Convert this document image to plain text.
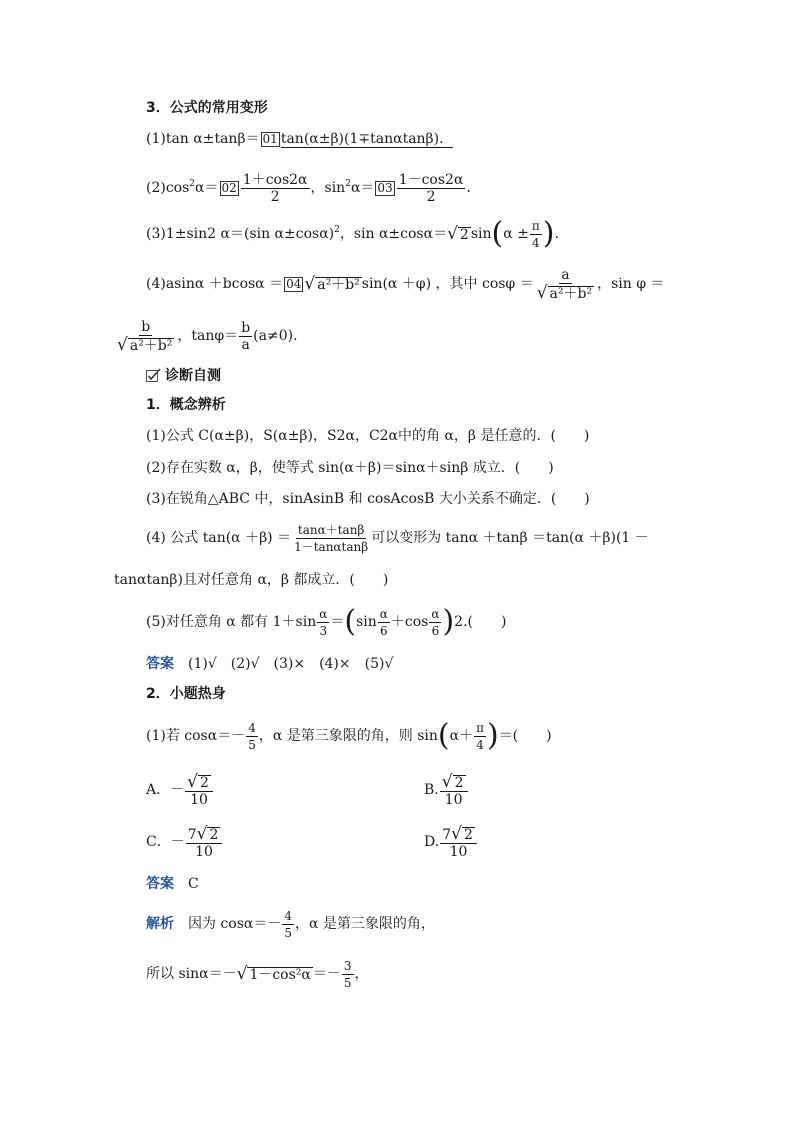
3．公式的常用变形
(1)tan α±tanβ＝ 01 tan(α±β)(1∓tanαtanβ)．
$(2)\cos^2\alpha= 02 \frac{1+\cos 2\alpha}{2}$ ，$\sin^2\alpha= 03 \frac{1-\cos 2\alpha}{2}$ .
(3)1±sin2 α＝(sin α±cosα)$^2$，sin α±cosα＝ √ 2 $\sin(\alpha \pm \frac{\pi}{4}$ ).
(4)asinα ＋bcosα ＝ 04 √ a²＋b² sin(α ＋φ) ，其中 $\cos\varphi = \frac{a}{\text{√ a²＋b²}}$ ，sin φ ＝
$\frac{b}{\text{√ a²＋b²}}$ ，$\tan\varphi= \frac{b}{a} (a\ne 0)$．
诊断自测
1．概念辨析
(1)公式 C(α±β)，S(α±β)，S2α，C2α中的角 α，β 是任意的．(　　)
(2)存在实数 α，β，使等式 sin(α＋β)＝sinα＋sinβ 成立．(　　)
(3)在锐角△ABC 中，sinAsinB 和 cosAcosB 大小关系不确定．(　　)
(4) 公式 $\tan(\alpha +\beta) = \frac{\tan\alpha+\tan\beta}{1-\tan\alpha\tan\beta}$ 可以变形为 tanα ＋tanβ ＝tan(α ＋β)(1 －
tanαtanβ)且对任意角 α，β 都成立．(　　)
(5)对任意角 α 都有 $1+\sin \frac{\alpha}{3} =(\sin \frac{\alpha}{6} +\cos \frac{\alpha}{6} )2$.(　　)
答案　 (1)√　(2)√　(3)×　(4)×　(5)√
2．小题热身
(1)若 $\cos\alpha=- \frac{4}{5}$ ，α 是第三象限的角，则 $\sin(\alpha+ \frac{\pi}{4}$ )＝(　　)
A．－ $\frac{√ 2}{10}$	B. $\frac{√ 2}{10}$
C．－ $\frac{7 √ 2}{10}$	D. $\frac{7 √ 2}{10}$
答案　 C
解析　 因为 $\cos\alpha=- \frac{4}{5}$ ，α 是第三象限的角，
所以 sinα＝－ √ $1-\cos^2\alpha =- \frac{3}{5}$ ，
